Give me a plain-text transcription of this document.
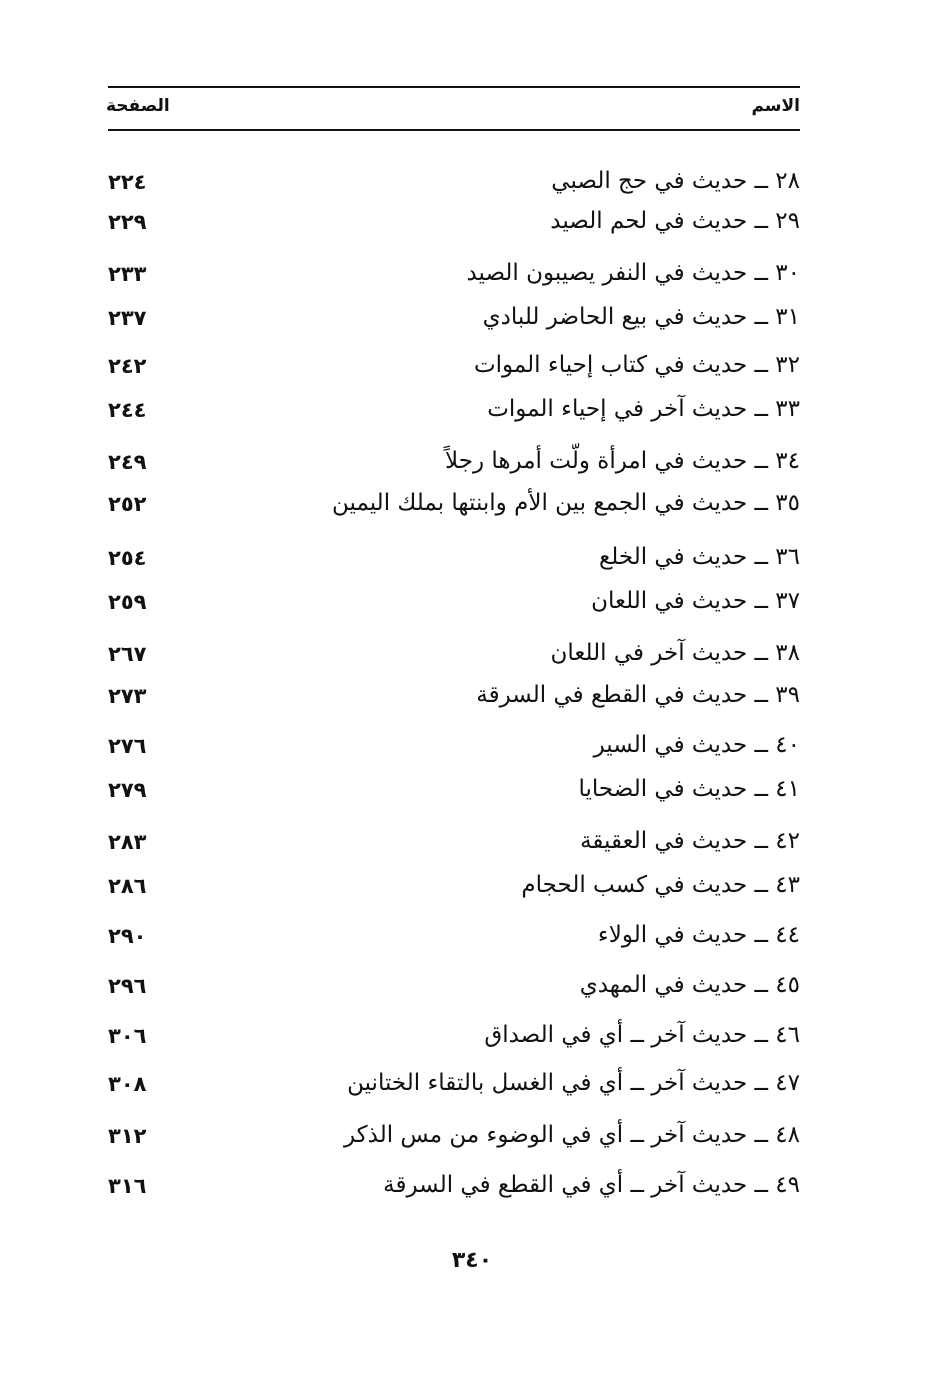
الاسم
الصفحة
٢٨ ــ حديث في حج الصبي
٢٢٤
٢٩ ــ حديث في لحم الصيد
٢٢٩
٣٠ ــ حديث في النفر يصيبون الصيد
٢٣٣
٣١ ــ حديث في بيع الحاضر للبادي
٢٣٧
٣٢ ــ حديث في كتاب إحياء الموات
٢٤٢
٣٣ ــ حديث آخر في إحياء الموات
٢٤٤
٣٤ ــ حديث في امرأة ولّت أمرها رجلاً
٢٤٩
٣٥ ــ حديث في الجمع بين الأم وابنتها بملك اليمين
٢٥٢
٣٦ ــ حديث في الخلع
٢٥٤
٣٧ ــ حديث في اللعان
٢٥٩
٣٨ ــ حديث آخر في اللعان
٢٦٧
٣٩ ــ حديث في القطع في السرقة
٢٧٣
٤٠ ــ حديث في السير
٢٧٦
٤١ ــ حديث في الضحايا
٢٧٩
٤٢ ــ حديث في العقيقة
٢٨٣
٤٣ ــ حديث في كسب الحجام
٢٨٦
٤٤ ــ حديث في الولاء
٢٩٠
٤٥ ــ حديث في المهدي
٢٩٦
٤٦ ــ حديث آخر ــ أي في الصداق
٣٠٦
٤٧ ــ حديث آخر ــ أي في الغسل بالتقاء الختانين
٣٠٨
٤٨ ــ حديث آخر ــ أي في الوضوء من مس الذكر
٣١٢
٤٩ ــ حديث آخر ــ أي في القطع في السرقة
٣١٦
٣٤٠
